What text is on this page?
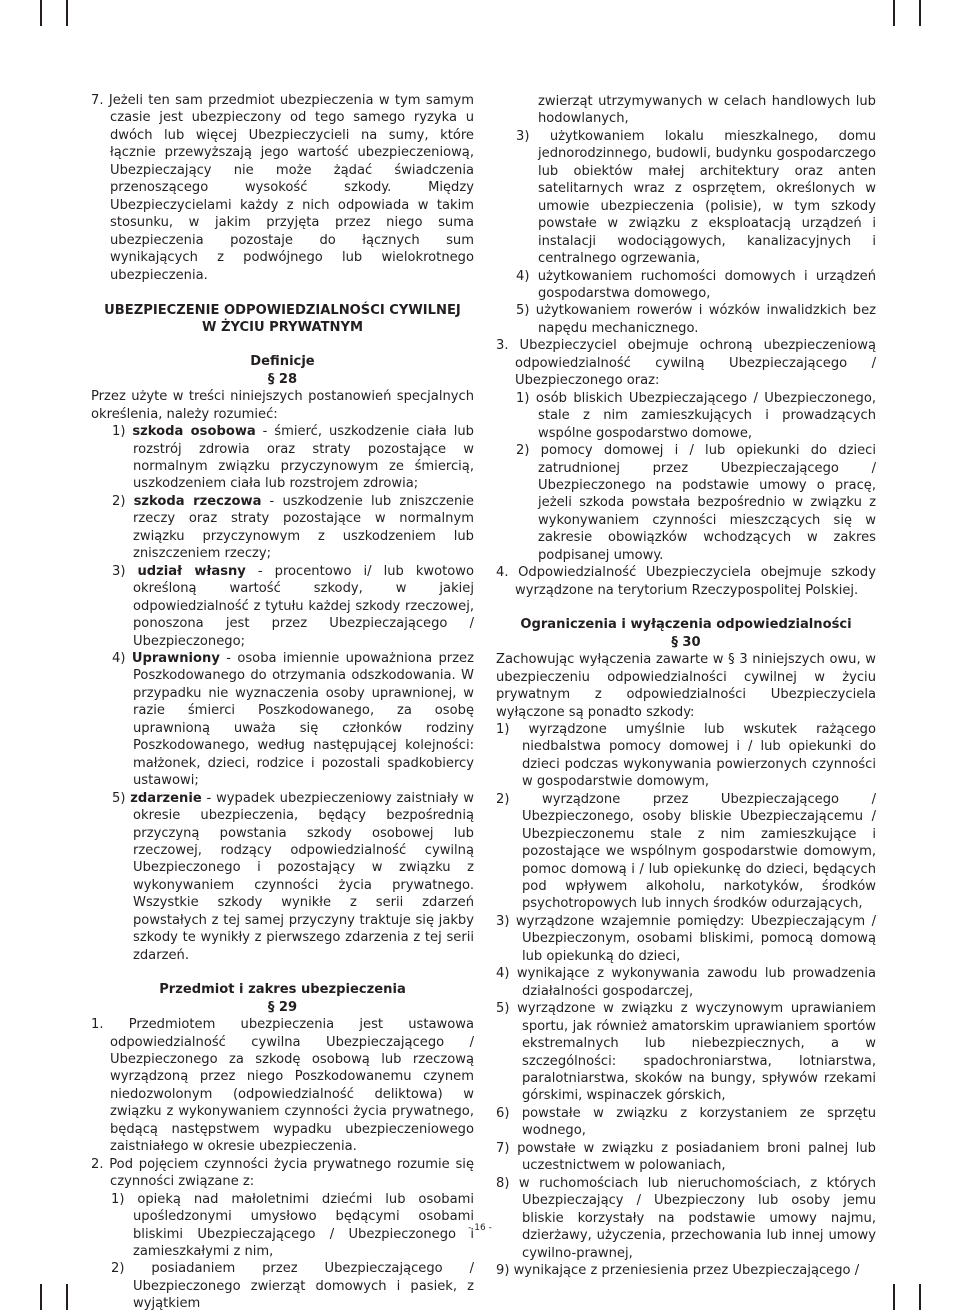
7. Jeżeli ten sam przedmiot ubezpieczenia w tym samym czasie jest ubezpieczony od tego samego ryzyka u dwóch lub więcej Ubezpieczycieli na sumy, które łącznie przewyższają jego wartość ubezpieczeniową, Ubezpieczający nie może żądać świadczenia przenoszącego wysokość szkody. Między Ubezpieczycielami każdy z nich odpowiada w takim stosunku, w jakim przyjęta przez niego suma ubezpieczenia pozostaje do łącznych sum wynikających z podwójnego lub wielokrotnego ubezpieczenia.

UBEZPIECZENIE ODPOWIEDZIALNOŚCI CYWILNEJ
W ŻYCIU PRYWATNYM
Definicje
§ 28

Przez użyte w treści niniejszych postanowień specjalnych określenia, należy rozumieć:

1) szkoda osobowa - śmierć, uszkodzenie ciała lub rozstrój zdrowia oraz straty pozostające w normalnym związku przyczynowym ze śmiercią, uszkodzeniem ciała lub rozstrojem zdrowia;

2) szkoda rzeczowa - uszkodzenie lub zniszczenie rzeczy oraz straty pozostające w normalnym związku przyczynowym z uszkodzeniem lub zniszczeniem rzeczy;

3) udział własny - procentowo i/ lub kwotowo określoną wartość szkody, w jakiej odpowiedzialność z tytułu każdej szkody rzeczowej, ponoszona jest przez Ubezpieczającego / Ubezpieczonego;

4) Uprawniony - osoba imiennie upoważniona przez Poszkodowanego do otrzymania odszkodowania. W przypadku nie wyznaczenia osoby uprawnionej, w razie śmierci Poszkodowanego, za osobę uprawnioną uważa się członków rodziny Poszkodowanego, według następującej kolejności: małżonek, dzieci, rodzice i pozostali spadkobiercy ustawowi;

5) zdarzenie - wypadek ubezpieczeniowy zaistniały w okresie ubezpieczenia, będący bezpośrednią przyczyną powstania szkody osobowej lub rzeczowej, rodzący odpowiedzialność cywilną Ubezpieczonego i pozostający w związku z wykonywaniem czynności życia prywatnego. Wszystkie szkody wynikłe z serii zdarzeń powstałych z tej samej przyczyny traktuje się jakby szkody te wynikły z pierwszego zdarzenia z tej serii zdarzeń.

Przedmiot i zakres ubezpieczenia
§ 29

1. Przedmiotem ubezpieczenia jest ustawowa odpowiedzialność cywilna Ubezpieczającego / Ubezpieczonego za szkodę osobową lub rzeczową wyrządzoną przez niego Poszkodowanemu czynem niedozwolonym (odpowiedzialność deliktowa) w związku z wykonywaniem czynności życia prywatnego, będącą następstwem wypadku ubezpieczeniowego zaistniałego w okresie ubezpieczenia.

2. Pod pojęciem czynności życia prywatnego rozumie się czynności związane z:

1) opieką nad małoletnimi dziećmi lub osobami upośledzonymi umysłowo będącymi osobami bliskimi Ubezpieczającego / Ubezpieczonego i zamieszkałymi z nim,

2) posiadaniem przez Ubezpieczającego / Ubezpieczonego zwierząt domowych i pasiek, z wyjątkiem

zwierząt utrzymywanych w celach handlowych lub hodowlanych,

3) użytkowaniem lokalu mieszkalnego, domu jednorodzinnego, budowli, budynku gospodarczego lub obiektów małej architektury oraz anten satelitarnych wraz z osprzętem, określonych w umowie ubezpieczenia (polisie), w tym szkody powstałe w związku z eksploatacją urządzeń i instalacji wodociągowych, kanalizacyjnych i centralnego ogrzewania,

4) użytkowaniem ruchomości domowych i urządzeń gospodarstwa domowego,

5) użytkowaniem rowerów i wózków inwalidzkich bez napędu mechanicznego.

3. Ubezpieczyciel obejmuje ochroną ubezpieczeniową odpowiedzialność cywilną Ubezpieczającego / Ubezpieczonego oraz:

1) osób bliskich Ubezpieczającego / Ubezpieczonego, stale z nim zamieszkujących i prowadzących wspólne gospodarstwo domowe,

2) pomocy domowej i / lub opiekunki do dzieci zatrudnionej przez Ubezpieczającego / Ubezpieczonego na podstawie umowy o pracę, jeżeli szkoda powstała bezpośrednio w związku z wykonywaniem czynności mieszczących się w zakresie obowiązków wchodzących w zakres podpisanej umowy.

4. Odpowiedzialność Ubezpieczyciela obejmuje szkody wyrządzone na terytorium Rzeczypospolitej Polskiej.

Ograniczenia i wyłączenia odpowiedzialności
§ 30

Zachowując wyłączenia zawarte w § 3 niniejszych owu, w ubezpieczeniu odpowiedzialności cywilnej w życiu prywatnym z odpowiedzialności Ubezpieczyciela wyłączone są ponadto szkody:

1) wyrządzone umyślnie lub wskutek rażącego niedbalstwa pomocy domowej i / lub opiekunki do dzieci podczas wykonywania powierzonych czynności w gospodarstwie domowym,

2) wyrządzone przez Ubezpieczającego / Ubezpieczonego, osoby bliskie Ubezpieczającemu / Ubezpieczonemu stale z nim zamieszkujące i pozostające we wspólnym gospodarstwie domowym, pomoc domową i / lub opiekunkę do dzieci, będących pod wpływem alkoholu, narkotyków, środków psychotropowych lub innych środków odurzających,

3) wyrządzone wzajemnie pomiędzy: Ubezpieczającym / Ubezpieczonym, osobami bliskimi, pomocą domową lub opiekunką do dzieci,

4) wynikające z wykonywania zawodu lub prowadzenia działalności gospodarczej,

5) wyrządzone w związku z wyczynowym uprawianiem sportu, jak również amatorskim uprawianiem sportów ekstremalnych lub niebezpiecznych, a w szczególności: spadochroniarstwa, lotniarstwa, paralotniarstwa, skoków na bungy, spływów rzekami górskimi, wspinaczek górskich,

6) powstałe w związku z korzystaniem ze sprzętu wodnego,

7) powstałe w związku z posiadaniem broni palnej lub uczestnictwem w polowaniach,

8) w ruchomościach lub nieruchomościach, z których Ubezpieczający / Ubezpieczony lub osoby jemu bliskie korzystały na podstawie umowy najmu, dzierżawy, użyczenia, przechowania lub innej umowy cywilno-prawnej,

9) wynikające z przeniesienia przez Ubezpieczającego /

- 16 -
